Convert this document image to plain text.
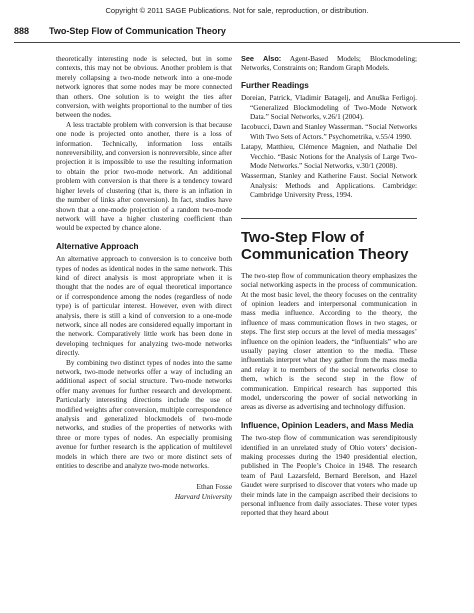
Copyright © 2011 SAGE Publications. Not for sale, reproduction, or distribution.
888 Two-Step Flow of Communication Theory

theoretically interesting node is selected, but in some contexts, this may not be obvious. Another problem is that merely collapsing a two-mode network into a one-mode network ignores that some nodes may be more connected than others. One solution is to weight the ties after conversion, with weights proportional to the number of ties between the nodes.

A less tractable problem with conversion is that because one node is projected onto another, there is a loss of information. Technically, information loss entails nonreversibility, and conversion is nonreversible, since after projection it is impossible to use the resulting information to obtain the prior two-mode network. An additional problem with conversion is that there is a tendency toward higher levels of clustering (that is, there is an inflation in the number of links after conversion). In fact, studies have shown that a one-mode projection of a random two-mode network will have a higher clustering coefficient than would be expected by chance alone.

Alternative Approach

An alternative approach to conversion is to conceive both types of nodes as identical nodes in the same network. This kind of direct analysis is most appropriate when it is thought that the nodes are of equal theoretical importance or if correspondence among the nodes (regardless of node type) is of particular interest. However, even with direct analysis, there is still a kind of conversion to a one-mode network, since all nodes are considered equally important in the network. Comparatively little work has been done in developing techniques for analyzing two-mode networks directly.

By combining two distinct types of nodes into the same network, two-mode networks offer a way of including an additional aspect of social structure. Two-mode networks offer many avenues for further research and development. Particularly interesting directions include the use of modified weights after conversion, multiple correspondence analysis and generalized blockmodels of two-mode networks, and studies of the properties of networks with three or more types of nodes. An especially promising avenue for further research is the application of multilevel models in which there are two or more distinct sets of entities to describe and analyze two-mode networks.

Ethan Fosse
Harvard University

See Also: Agent-Based Models; Blockmodeling; Networks, Constraints on; Random Graph Models.

Further Readings

Doreian, Patrick, Vladimir Batagelj, and Anuška Ferligoj. “Generalized Blockmodeling of Two-Mode Network Data.” Social Networks, v.26/1 (2004).

Iacobucci, Dawn and Stanley Wasserman. “Social Networks With Two Sets of Actors.” Psychometrika, v.55/4 1990.

Latapy, Matthieu, Clémence Magnien, and Nathalie Del Vecchio. “Basic Notions for the Analysis of Large Two-Mode Networks.” Social Networks, v.30/1 (2008).

Wasserman, Stanley and Katherine Faust. Social Network Analysis: Methods and Applications. Cambridge: Cambridge University Press, 1994.

Two-Step Flow of Communication Theory

The two-step flow of communication theory emphasizes the social networking aspects in the process of communication. At the most basic level, the theory focuses on the centrality of opinion leaders and interpersonal communication in mass media influence. According to the theory, the influence of mass communication flows in two stages, or steps. The first step occurs at the level of media messages’ influence on the opinion leaders, the “influentials” who are usually paying closer attention to the media. These influentials interpret what they gather from the mass media and relay it to members of the social networks close to them, which is the second step in the flow of communication. Empirical research has supported this model, underscoring the power of social networking in areas as diverse as advertising and technology diffusion.

Influence, Opinion Leaders, and Mass Media

The two-step flow of communication was serendipitously identified in an unrelated study of Ohio voters’ decision-making processes during the 1940 presidential election, published in The People’s Choice in 1948. The research team of Paul Lazarsfeld, Bernard Berelson, and Hazel Gaudet were surprised to discover that voters who made up their minds late in the campaign ascribed their decisions to personal influence from daily associates. These voter types reported that they heard about
